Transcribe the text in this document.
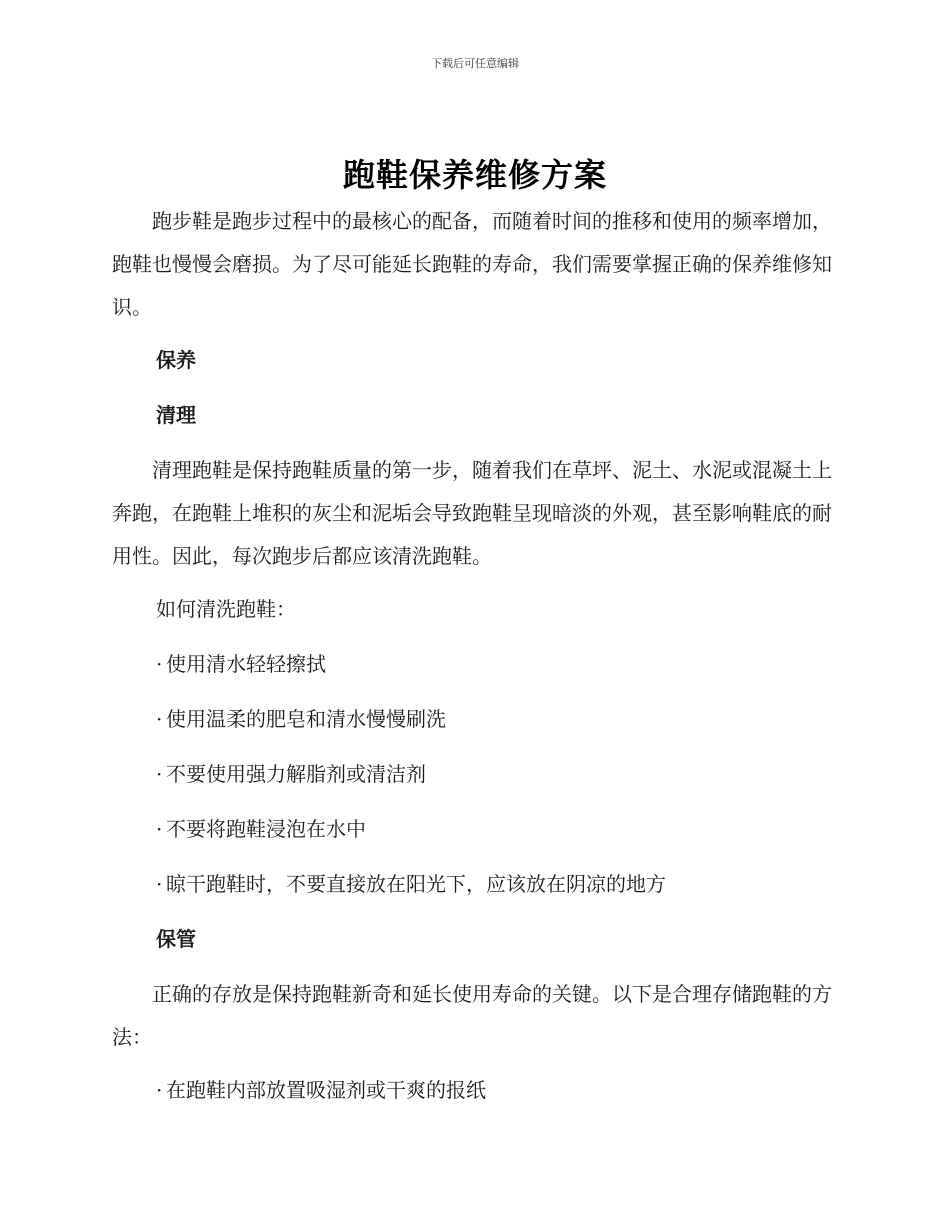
下载后可任意编辑
跑鞋保养维修方案

跑步鞋是跑步过程中的最核心的配备，而随着时间的推移和使用的频率增加，跑鞋也慢慢会磨损。为了尽可能延长跑鞋的寿命，我们需要掌握正确的保养维修知识。

保养
清理

清理跑鞋是保持跑鞋质量的第一步，随着我们在草坪、泥土、水泥或混凝土上奔跑，在跑鞋上堆积的灰尘和泥垢会导致跑鞋呈现暗淡的外观，甚至影响鞋底的耐用性。因此，每次跑步后都应该清洗跑鞋。

如何清洗跑鞋：
· 使用清水轻轻擦拭
· 使用温柔的肥皂和清水慢慢刷洗
· 不要使用强力解脂剂或清洁剂
· 不要将跑鞋浸泡在水中
· 晾干跑鞋时，不要直接放在阳光下，应该放在阴凉的地方
保管

正确的存放是保持跑鞋新奇和延长使用寿命的关键。以下是合理存储跑鞋的方法：

· 在跑鞋内部放置吸湿剂或干爽的报纸
